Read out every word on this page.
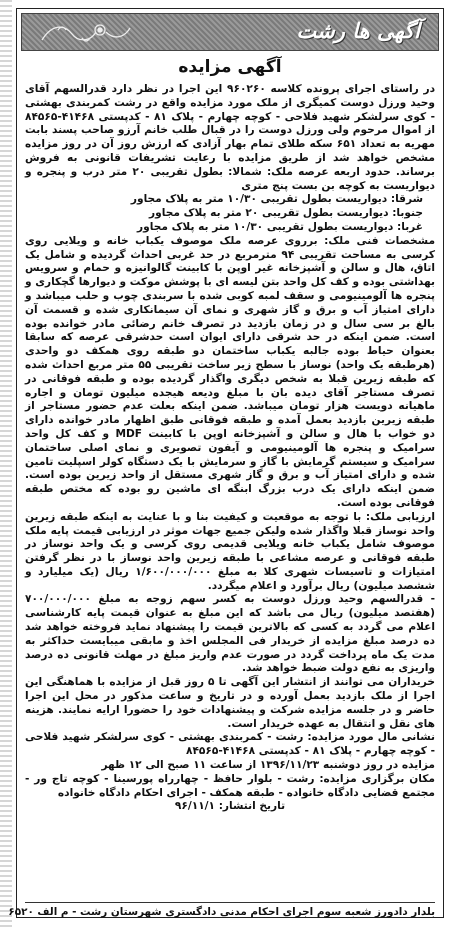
آگهی ها رشت
آگهی مزایده

در راستای اجرای پرونده کلاسه ۹۶۰۲۶۰ این اجرا در نظر دارد قدرالسهم آقای وحید ورزل دوست کمیگری از ملک مورد مزایده واقع در رشت کمربندی بهشتی - کوی سرلشکر شهید فلاحی - کوچه چهارم - پلاک ۸۱ - کدپستی ۴۱۴۶۸-۸۴۵۶۵ از اموال مرحوم ولی ورزل دوست را در قبال طلب خانم آرزو صاحب پسند بابت مهریه به تعداد ۶۵۱ سکه طلای تمام بهار آزادی که ارزش روز آن در روز مزایده مشخص خواهد شد از طریق مزایده با رعایت تشریفات قانونی به فروش برساند. حدود اربعه عرصه ملک: شمالا: بطول تقریبی ۲۰ متر درب و پنجره و دیواریست به کوچه بن بست پنج متری

شرقا: دیواریست بطول تقریبی ۱۰/۳۰ متر به پلاک مجاور

جنوبا: دیواریست بطول تقریبی ۲۰ متر به پلاک مجاور

غربا: دیواریست بطول تقریبی ۱۰/۳۰ متر به پلاک مجاور

مشخصات فنی ملک: برروی عرصه ملک موصوف یکباب خانه و ویلایی روی کرسی به مساحت تقریبی ۹۴ مترمربع در حد غربی احداث گردیده و شامل یک اتاق، هال و سالن و آشپزخانه غیر اوپن با کابینت گالوانیزه و حمام و سرویس بهداشتی بوده و کف کل واحد بتن لیسه ای با پوشش موکت و دیوارها گچکاری و پنجره ها آلومینیومی و سقف لمبه کوبی شده با سربندی چوب و حلب میباشد و دارای امتیاز آب و برق و گاز شهری و نمای آن سیمانکاری شده و قسمت آن بالغ بر سی سال و در زمان بازدید در تصرف خانم رضائی مادر خوانده بوده است. ضمن اینکه در حد شرقی دارای ایوان است حدشرقی عرصه که سابقا بعنوان حیاط بوده جالبه یکباب ساختمان دو طبقه روی همکف دو واحدی (هرطبقه یک واحد) نوساز با سطح زیر ساخت تقریبی ۵۵ متر مربع احداث شده که طبقه زیرین قبلا به شخص دیگری واگذار گردیده بوده و طبقه فوقانی در تصرف مستاجر آقای دیده بان با مبلغ ودیعه هیجده میلیون تومان و اجاره ماهیانه دویست هزار تومان میباشد. ضمن اینکه بعلت عدم حضور مستاجر از طبقه زیرین بازدید بعمل آمده و طبقه فوقانی طبق اظهار مادر خوانده دارای دو خواب با هال و سالن و آشپزخانه اوپن با کابینت MDF و کف کل واحد سرامیک و پنجره ها آلومینیومی و آیفون تصویری و نمای اصلی ساختمان سرامیک و سیستم گرمایش با گاز و سرمایش با یک دستگاه کولر اسپلیت تامین شده و دارای امتیاز آب و برق و گاز شهری مستقل از واحد زیرین بوده است. ضمن اینکه دارای یک درب بزرگ ابنگه ای ماشین رو بوده که مختص طبقه فوقانی بوده است.

ارزیابی ملک: با توجه به موقعیت و کیفیت بنا و با عنایت به اینکه طبقه زیرین واحد نوساز قبلا واگذار شده ولیکن جمیع جهات موثر در ارزیابی قیمت پایه ملک موصوف شامل یکباب خانه ویلایی قدیمی روی کرسی و یک واحد نوساز در طبقه فوقانی و عرصه مشاعی با طبقه زیرین واحد نوساز با در نظر گرفتن امتیازات و تاسیسات شهری کلا به مبلغ ۱/۶۰۰/۰۰۰/۰۰۰ ریال (یک میلیارد و ششصد میلیون) ریال برآورد و اعلام میگردد.

- قدرالسهم وحید ورزل دوست به کسر سهم زوجه به مبلغ ۷۰۰/۰۰۰/۰۰۰ (هفتصد میلیون) ریال می باشد که این مبلغ به عنوان قیمت پایه کارشناسی اعلام می گردد به کسی که بالاترین قیمت را پیشنهاد نماید فروخته خواهد شد ده درصد مبلغ مزایده از خریدار فی المجلس اخذ و مابقی میبایست حداکثر به مدت یک ماه پرداخت گردد در صورت عدم واریز مبلغ در مهلت قانونی ده درصد واریزی به نفع دولت ضبط خواهد شد.

خریداران می توانند از انتشار این آگهی تا ۵ روز قبل از مزایده با هماهنگی این اجرا از ملک بازدید بعمل آورده و در تاریخ و ساعت مذکور در محل این اجرا حاضر و در جلسه مزایده شرکت و پیشنهادات خود را حضورا ارایه نمایند. هزینه های نقل و انتقال به عهده خریدار است.

نشانی مال مورد مزایده: رشت - کمربندی بهشتی - کوی سرلشکر شهید فلاحی - کوچه چهارم - پلاک ۸۱ - کدپستی ۴۱۴۶۸-۸۴۵۶۵

مزایده در روز دوشنبه ۱۳۹۶/۱۱/۲۳ از ساعت ۱۱ صبح الی ۱۲ ظهر

مکان برگزاری مزایده: رشت - بلوار حافظ - چهارراه پورسینا - کوچه تاج ور - مجتمع قضایی دادگاه خانواده - طبقه همکف - اجرای احکام دادگاه خانواده

تاریخ انتشار: ۹۶/۱۱/۱

بلدار دادورز شعبه سوم اجرای احکام مدنی دادگستری شهرستان رشت - م الف ۶۵۲۰
